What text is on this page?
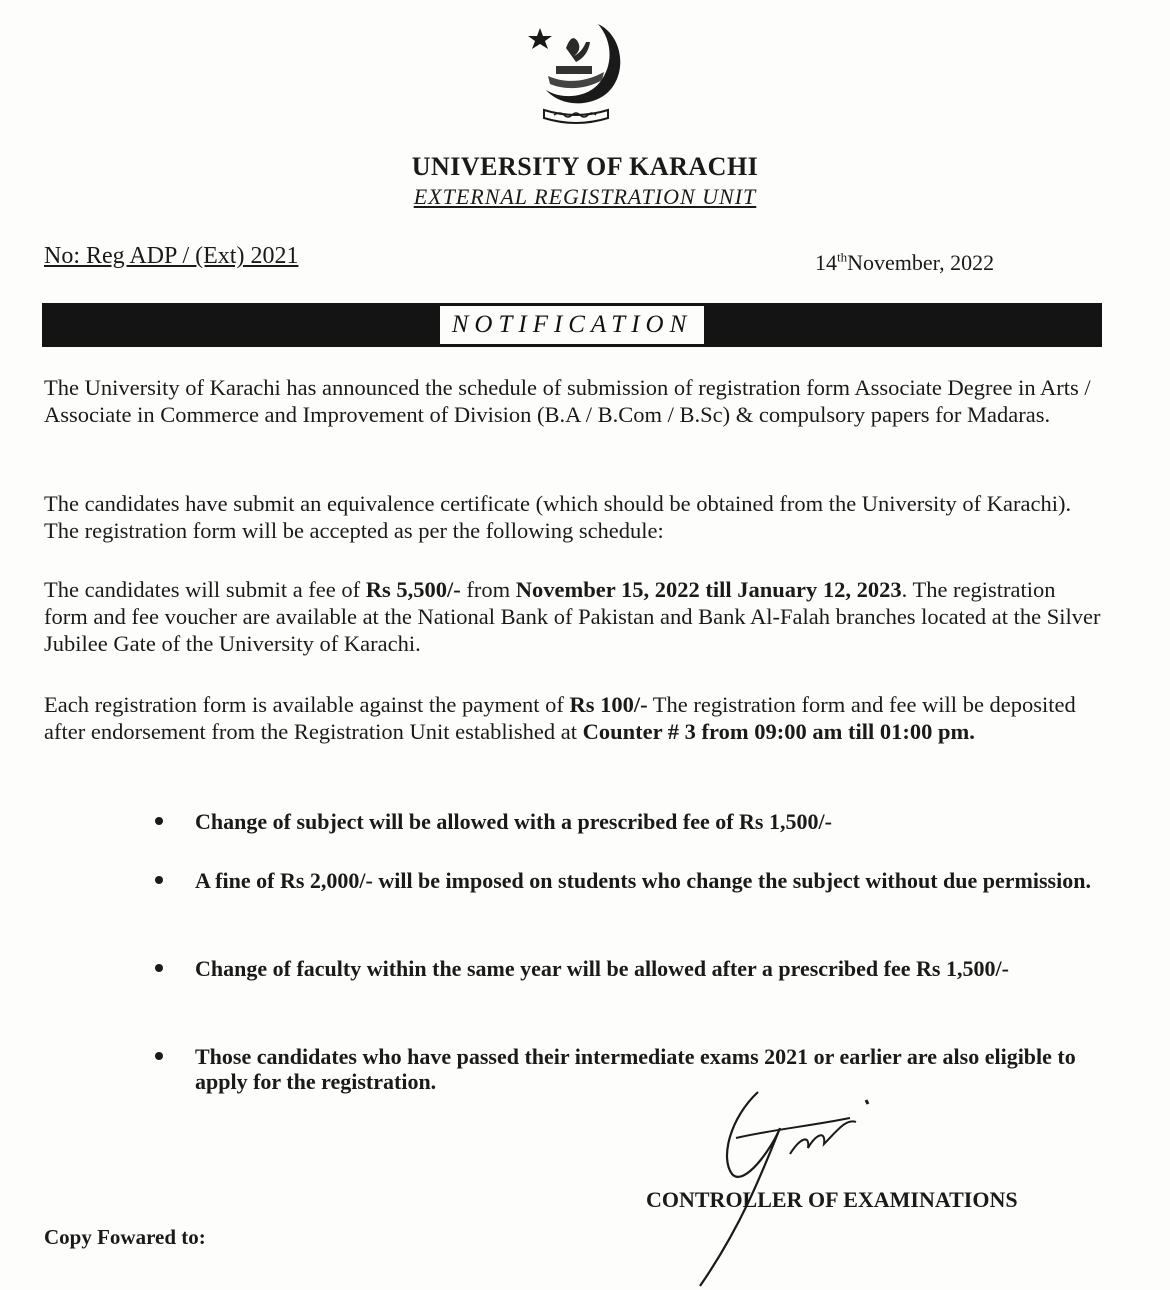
UNIVERSITY OF KARACHI
EXTERNAL REGISTRATION UNIT
No: Reg ADP / (Ext) 2021	14thNovember, 2022
NOTIFICATION
The University of Karachi has announced the schedule of submission of registration form Associate Degree in Arts / Associate in Commerce and Improvement of Division (B.A / B.Com / B.Sc) & compulsory papers for Madaras.
The candidates have submit an equivalence certificate (which should be obtained from the University of Karachi). The registration form will be accepted as per the following schedule:
The candidates will submit a fee of Rs 5,500/- from November 15, 2022 till January 12, 2023. The registration form and fee voucher are available at the National Bank of Pakistan and Bank Al-Falah branches located at the Silver Jubilee Gate of the University of Karachi.
Each registration form is available against the payment of Rs 100/- The registration form and fee will be deposited after endorsement from the Registration Unit established at Counter # 3 from 09:00 am till 01:00 pm.
Change of subject will be allowed with a prescribed fee of Rs 1,500/-
A fine of Rs 2,000/- will be imposed on students who change the subject without due permission.
Change of faculty within the same year will be allowed after a prescribed fee Rs 1,500/-
Those candidates who have passed their intermediate exams 2021 or earlier are also eligible to apply for the registration.
CONTROLLER OF EXAMINATIONS
Copy Fowared to:
